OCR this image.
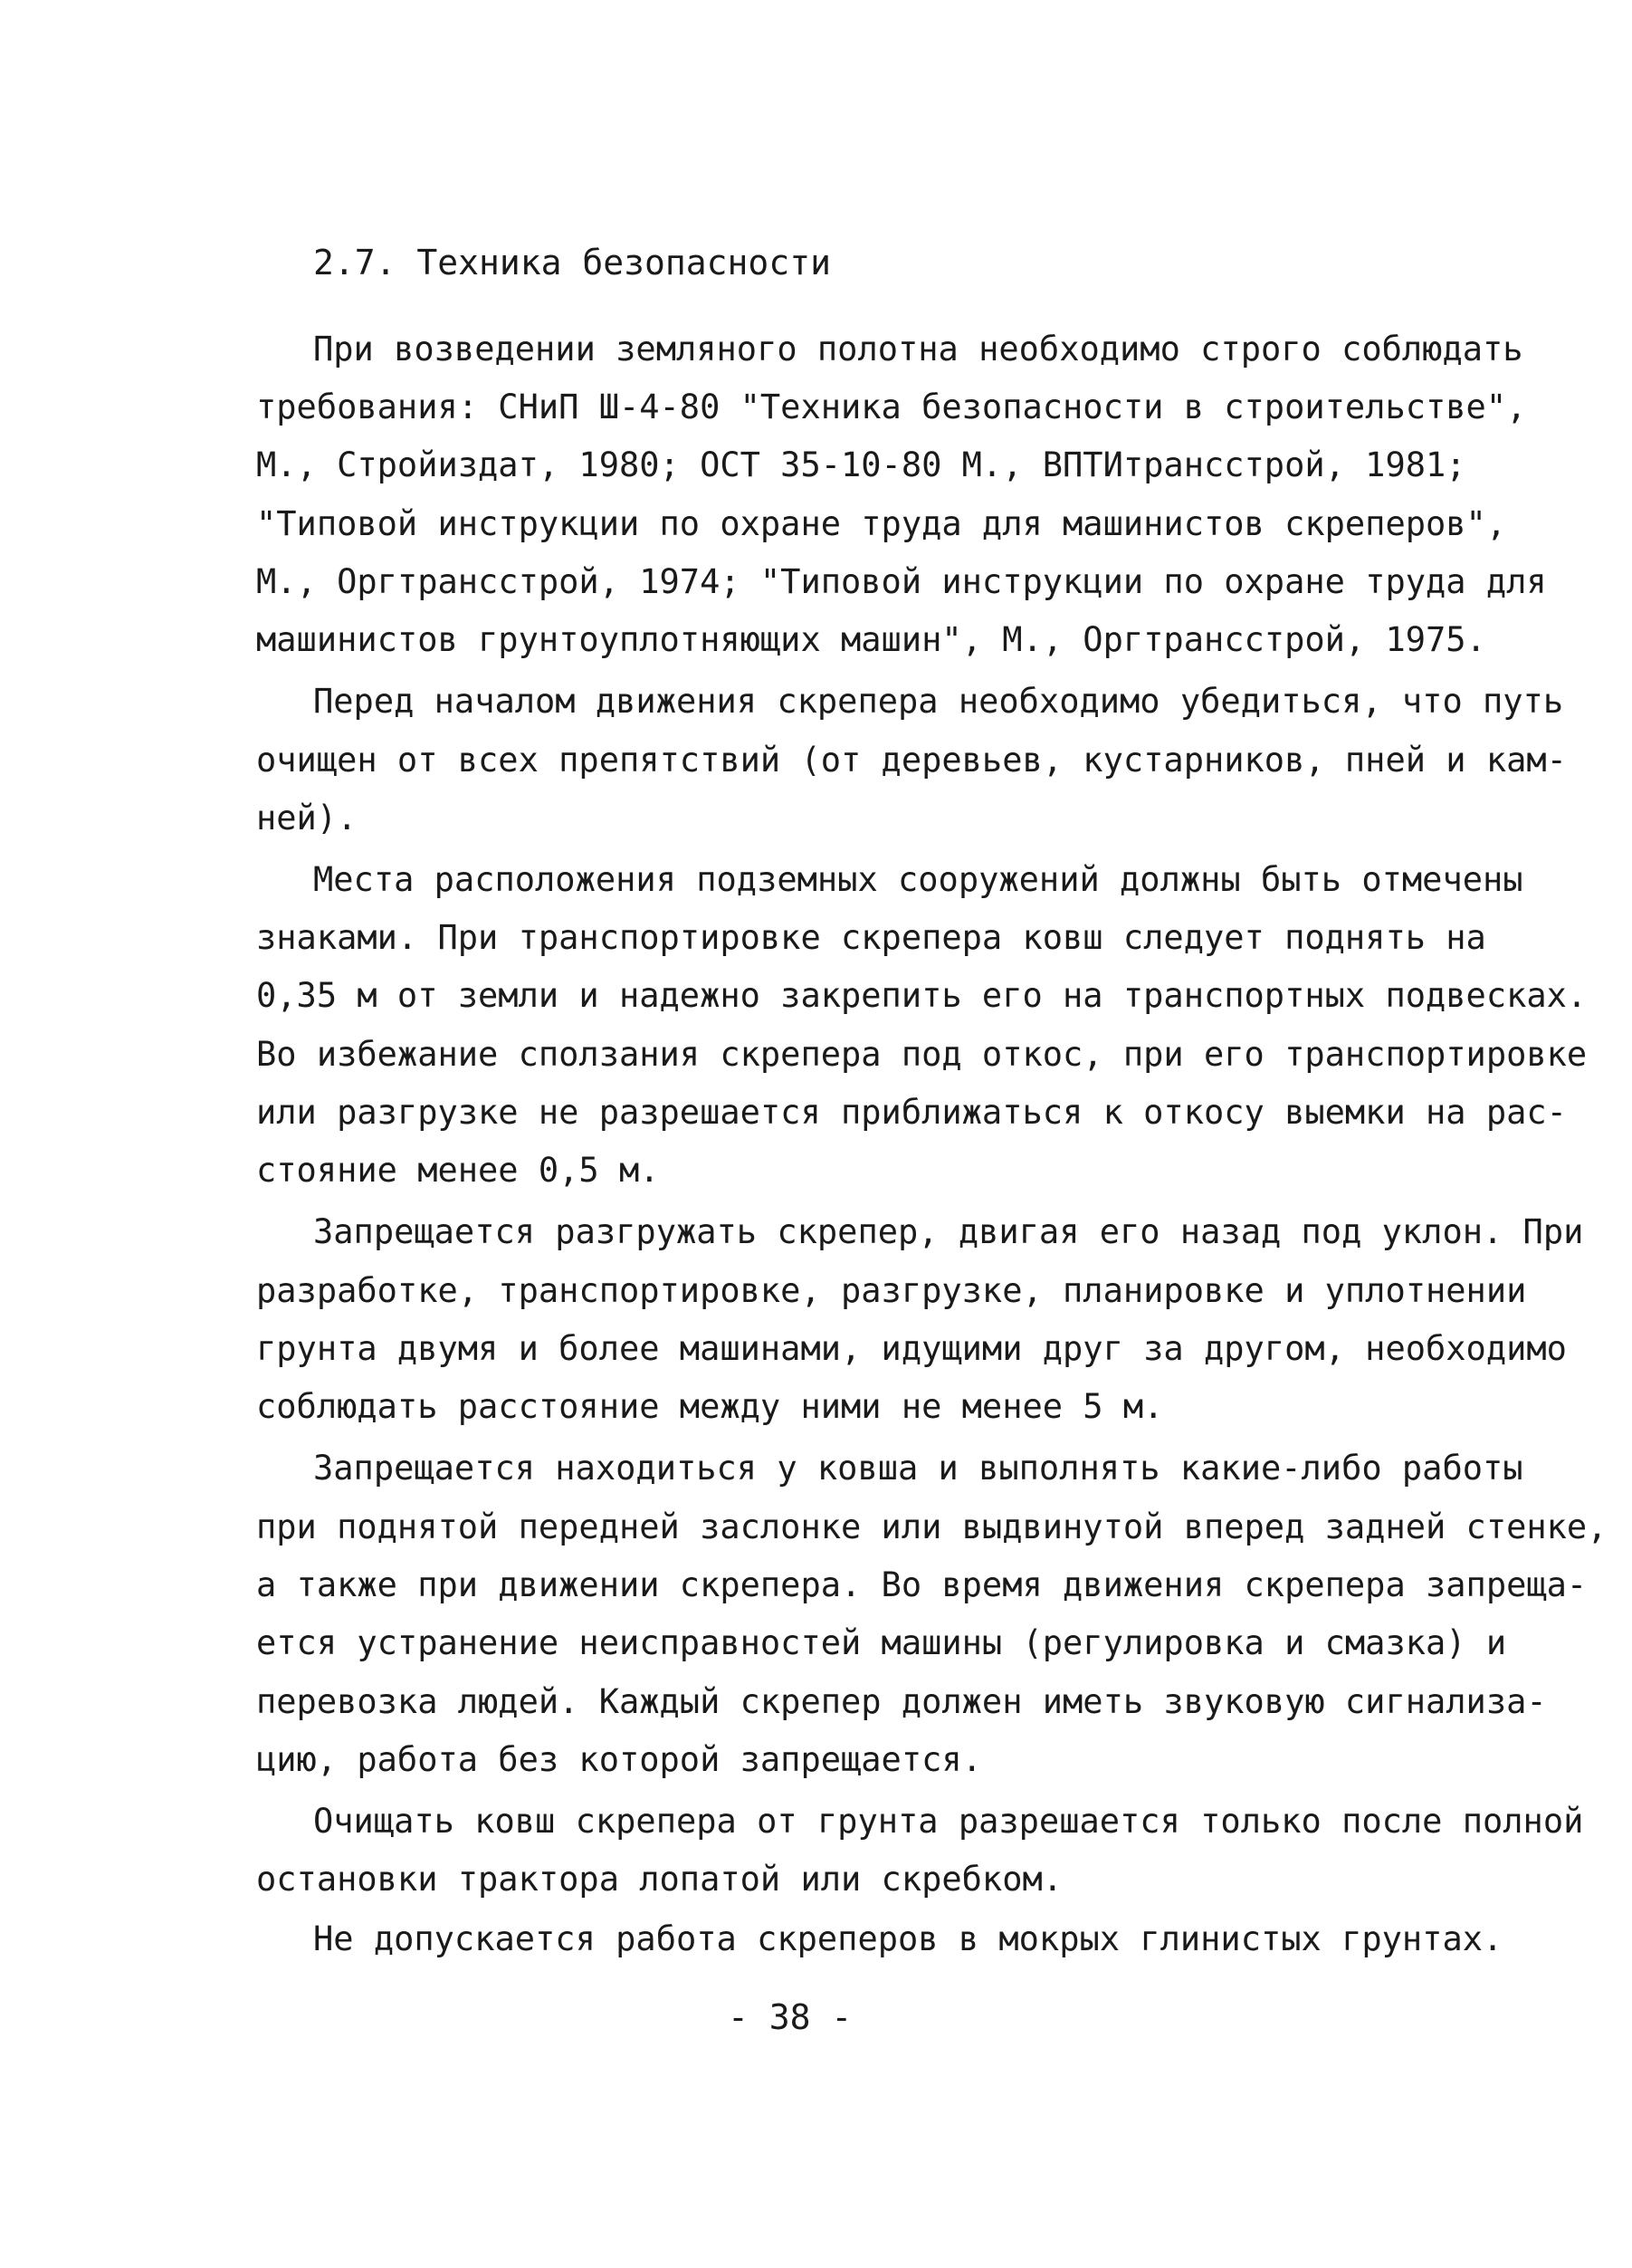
2.7. Техника безопасности
При возведении земляного полотна необходимо строго соблюдать
требования: СНиП Ш-4-80 "Техника безопасности в строительстве",
М., Стройиздат, 1980; ОСТ 35-10-80 М., ВПТИтрансстрой, 1981;
"Типовой инструкции по охране труда для машинистов скреперов",
М., Оргтрансстрой, 1974; "Типовой инструкции по охране труда для
машинистов грунтоуплотняющих машин", М., Оргтрансстрой, 1975.
Перед началом движения скрепера необходимо убедиться, что путь
очищен от всех препятствий (от деревьев, кустарников, пней и кам-
ней).
Места расположения подземных сооружений должны быть отмечены
знаками. При транспортировке скрепера ковш следует поднять на
0,35 м от земли и надежно закрепить его на транспортных подвесках.
Во избежание сползания скрепера под откос, при его транспортировке
или разгрузке не разрешается приближаться к откосу выемки на рас-
стояние менее 0,5 м.
Запрещается разгружать скрепер, двигая его назад под уклон. При
разработке, транспортировке, разгрузке, планировке и уплотнении
грунта двумя и более машинами, идущими друг за другом, необходимо
соблюдать расстояние между ними не менее 5 м.
Запрещается находиться у ковша и выполнять какие-либо работы
при поднятой передней заслонке или выдвинутой вперед задней стенке,
а также при движении скрепера. Во время движения скрепера запреща-
ется устранение неисправностей машины (регулировка и смазка) и
перевозка людей. Каждый скрепер должен иметь звуковую сигнализа-
цию, работа без которой запрещается.
Очищать ковш скрепера от грунта разрешается только после полной
остановки трактора лопатой или скребком.
Не допускается работа скреперов в мокрых глинистых грунтах.
- 38 -
